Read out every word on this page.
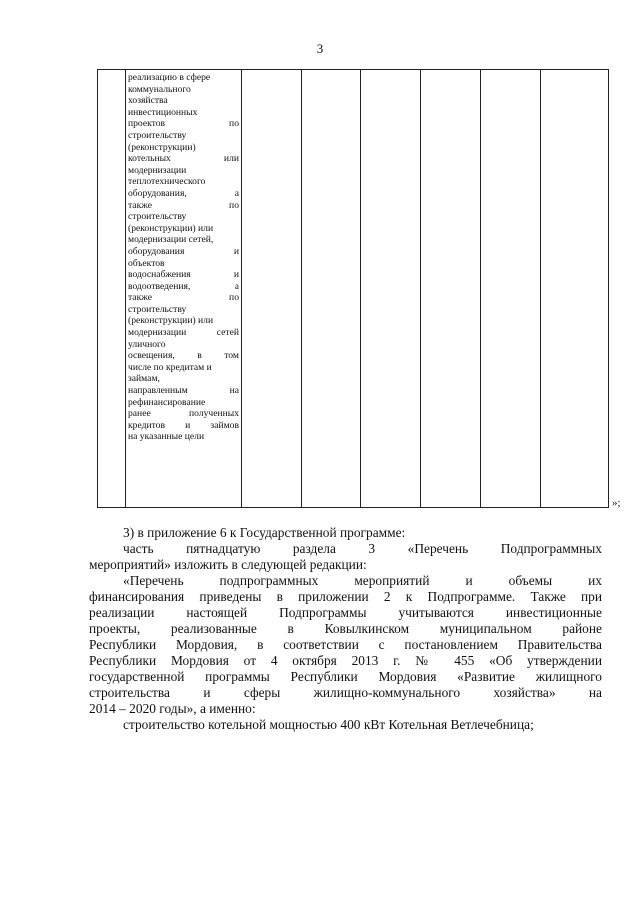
3
реализацию в сфере
коммунального
хозяйства
инвестиционных
проектов по
строительству
(реконструкции)
котельных или
модернизации
теплотехнического
оборудования, а
также по
строительству
(реконструкции) или
модернизации сетей,
оборудования и
объектов
водоснабжения и
водоотведения, а
также по
строительству
(реконструкции) или
модернизации сетей
уличного
освещения, в том
числе по кредитам и
займам,
направленным на
рефинансирование
ранее полученных
кредитов и займов
на указанные цели
»;
3) в приложение 6 к Государственной программе:
часть пятнадцатую раздела 3 «Перечень Подпрограммных
мероприятий» изложить в следующей редакции:
«Перечень подпрограммных мероприятий и объемы их
финансирования приведены в приложении 2 к Подпрограмме. Также при
реализации настоящей Подпрограммы учитываются инвестиционные
проекты, реализованные в Ковылкинском муниципальном районе
Республики Мордовия, в соответствии с постановлением Правительства
Республики Мордовия от 4 октября 2013 г. № 455 «Об утверждении
государственной программы Республики Мордовия «Развитие жилищного
строительства и сферы жилищно-коммунального хозяйства» на
2014 – 2020 годы», а именно:
строительство котельной мощностью 400 кВт Котельная Ветлечебница;
